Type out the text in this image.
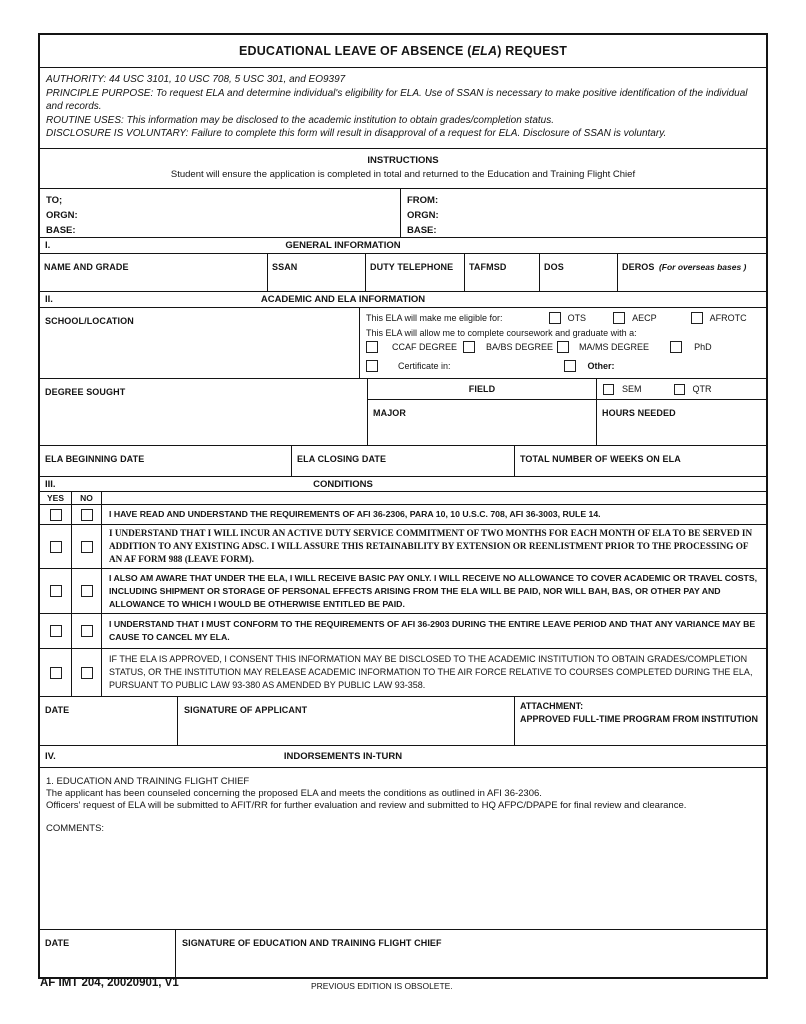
EDUCATIONAL LEAVE OF ABSENCE (ELA) REQUEST
AUTHORITY: 44 USC 3101, 10 USC 708, 5 USC 301, and EO9397
PRINCIPLE PURPOSE: To request ELA and determine individual's eligibility for ELA. Use of SSAN is necessary to make positive identification of the individual and records.
ROUTINE USES: This information may be disclosed to the academic institution to obtain grades/completion status.
DISCLOSURE IS VOLUNTARY: Failure to complete this form will result in disapproval of a request for ELA. Disclosure of SSAN is voluntary.
INSTRUCTIONS
Student will ensure the application is completed in total and returned to the Education and Training Flight Chief
TO;
ORGN:
BASE:
FROM:
ORGN:
BASE:
I.	GENERAL INFORMATION
NAME AND GRADE	SSAN	DUTY TELEPHONE	TAFMSD	DOS	DEROS (For overseas bases )
II.	ACADEMIC AND ELA INFORMATION
SCHOOL/LOCATION	This ELA will make me eligible for:	OTS	AECP	AFROTC
This ELA will allow me to complete coursework and graduate with a:
CCAF DEGREE	BA/BS DEGREE	MA/MS DEGREE	PhD
Certificate in:	Other:
DEGREE SOUGHT	FIELD	SEM	QTR
MAJOR	HOURS NEEDED
ELA BEGINNING DATE	ELA CLOSING DATE	TOTAL NUMBER OF WEEKS ON ELA
III.	CONDITIONS
YES	NO
I HAVE READ AND UNDERSTAND THE REQUIREMENTS OF AFI 36-2306, PARA 10, 10 U.S.C. 708, AFI 36-3003, RULE 14.
I UNDERSTAND THAT I WILL INCUR AN ACTIVE DUTY SERVICE COMMITMENT OF TWO MONTHS FOR EACH MONTH OF ELA TO BE SERVED IN ADDITION TO ANY EXISTING ADSC. I WILL ASSURE THIS RETAINABILITY BY EXTENSION OR REENLISTMENT PRIOR TO THE PROCESSING OF AN AF FORM 988 (LEAVE FORM).
I ALSO AM AWARE THAT UNDER THE ELA, I WILL RECEIVE BASIC PAY ONLY. I WILL RECEIVE NO ALLOWANCE TO COVER ACADEMIC OR TRAVEL COSTS, INCLUDING SHIPMENT OR STORAGE OF PERSONAL EFFECTS ARISING FROM THE ELA WILL BE PAID, NOR WILL BAH, BAS, OR OTHER PAY AND ALLOWANCE TO WHICH I WOULD BE OTHERWISE ENTITLED BE PAID.
I UNDERSTAND THAT I MUST CONFORM TO THE REQUIREMENTS OF AFI 36-2903 DURING THE ENTIRE LEAVE PERIOD AND THAT ANY VARIANCE MAY BE CAUSE TO CANCEL MY ELA.
IF THE ELA IS APPROVED, I CONSENT THIS INFORMATION MAY BE DISCLOSED TO THE ACADEMIC INSTITUTION TO OBTAIN GRADES/COMPLETION STATUS, OR THE INSTITUTION MAY RELEASE ACADEMIC INFORMATION TO THE AIR FORCE RELATIVE TO COURSES COMPLETED DURING THE ELA, PURSUANT TO PUBLIC LAW 93-380 AS AMENDED BY PUBLIC LAW 93-358.
DATE	SIGNATURE OF APPLICANT	ATTACHMENT:
APPROVED FULL-TIME PROGRAM FROM INSTITUTION
IV.	INDORSEMENTS IN-TURN
1. EDUCATION AND TRAINING FLIGHT CHIEF
The applicant has been counseled concerning the proposed ELA and meets the conditions as outlined in AFI 36-2306.
Officers' request of ELA will be submitted to AFIT/RR for further evaluation and review and submitted to HQ AFPC/DPAPE for final review and clearance.
COMMENTS:
DATE	SIGNATURE OF EDUCATION AND TRAINING FLIGHT CHIEF
AF IMT 204, 20020901, V1	PREVIOUS EDITION IS OBSOLETE.
